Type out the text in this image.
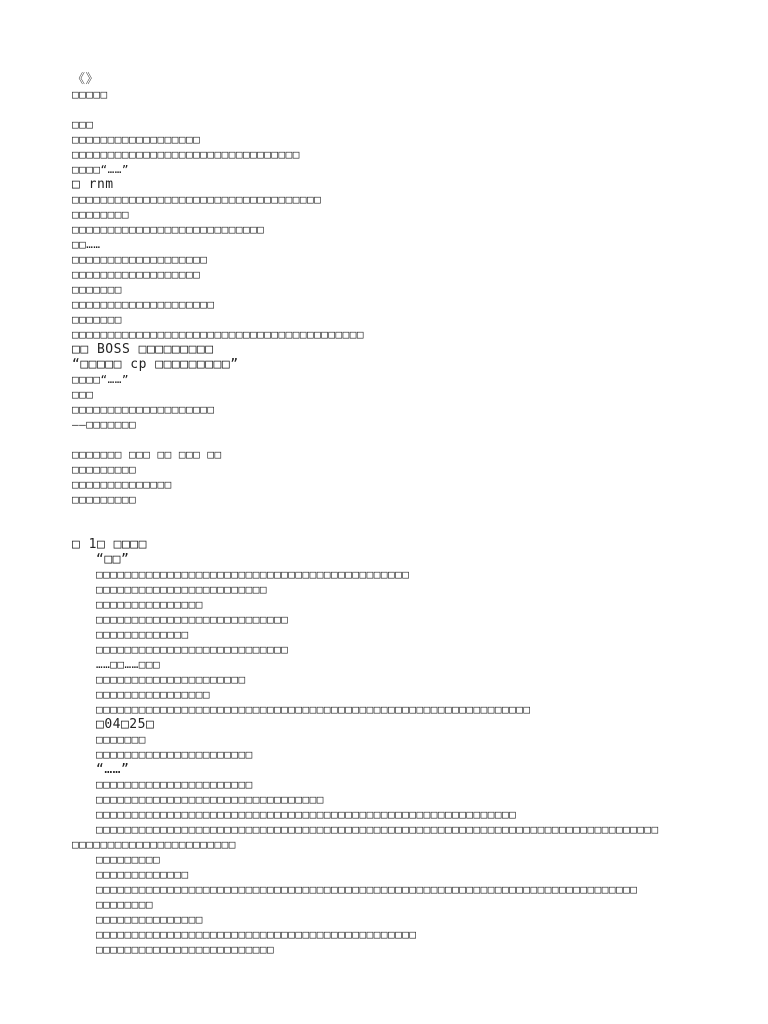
《》
□□□□□
□□□
□□□□□□□□□□□□□□□□□□
□□□□□□□□□□□□□□□□□□□□□□□□□□□□□□□□
□□□□“……”
□ rnm
□□□□□□□□□□□□□□□□□□□□□□□□□□□□□□□□□□□
□□□□□□□□
□□□□□□□□□□□□□□□□□□□□□□□□□□□
□□……
□□□□□□□□□□□□□□□□□□□
□□□□□□□□□□□□□□□□□□
□□□□□□□
□□□□□□□□□□□□□□□□□□□□
□□□□□□□
□□□□□□□□□□□□□□□□□□□□□□□□□□□□□□□□□□□□□□□□□
□□ BOSS □□□□□□□□□
“□□□□□ cp □□□□□□□□□”
□□□□“……”
□□□
□□□□□□□□□□□□□□□□□□□□
——□□□□□□□
□□□□□□□ □□□ □□ □□□ □□
□□□□□□□□□
□□□□□□□□□□□□□□
□□□□□□□□□
□ 1□ □□□□
“□□”
□□□□□□□□□□□□□□□□□□□□□□□□□□□□□□□□□□□□□□□□□□□□
□□□□□□□□□□□□□□□□□□□□□□□□
□□□□□□□□□□□□□□□
□□□□□□□□□□□□□□□□□□□□□□□□□□□
□□□□□□□□□□□□□
□□□□□□□□□□□□□□□□□□□□□□□□□□□
……□□……□□□
□□□□□□□□□□□□□□□□□□□□□
□□□□□□□□□□□□□□□□
□□□□□□□□□□□□□□□□□□□□□□□□□□□□□□□□□□□□□□□□□□□□□□□□□□□□□□□□□□□□□
□04□25□
□□□□□□□
□□□□□□□□□□□□□□□□□□□□□□
“……”
□□□□□□□□□□□□□□□□□□□□□□
□□□□□□□□□□□□□□□□□□□□□□□□□□□□□□□□
□□□□□□□□□□□□□□□□□□□□□□□□□□□□□□□□□□□□□□□□□□□□□□□□□□□□□□□□□□□
□□□□□□□□□□□□□□□□□□□□□□□□□□□□□□□□□□□□□□□□□□□□□□□□□□□□□□□□□□□□□□□□□□□□□□□□□□□□□□□
□□□□□□□□□□□□□□□□□□□□□□□
□□□□□□□□□
□□□□□□□□□□□□□
□□□□□□□□□□□□□□□□□□□□□□□□□□□□□□□□□□□□□□□□□□□□□□□□□□□□□□□□□□□□□□□□□□□□□□□□□□□□
□□□□□□□□
□□□□□□□□□□□□□□□
□□□□□□□□□□□□□□□□□□□□□□□□□□□□□□□□□□□□□□□□□□□□□
□□□□□□□□□□□□□□□□□□□□□□□□□
